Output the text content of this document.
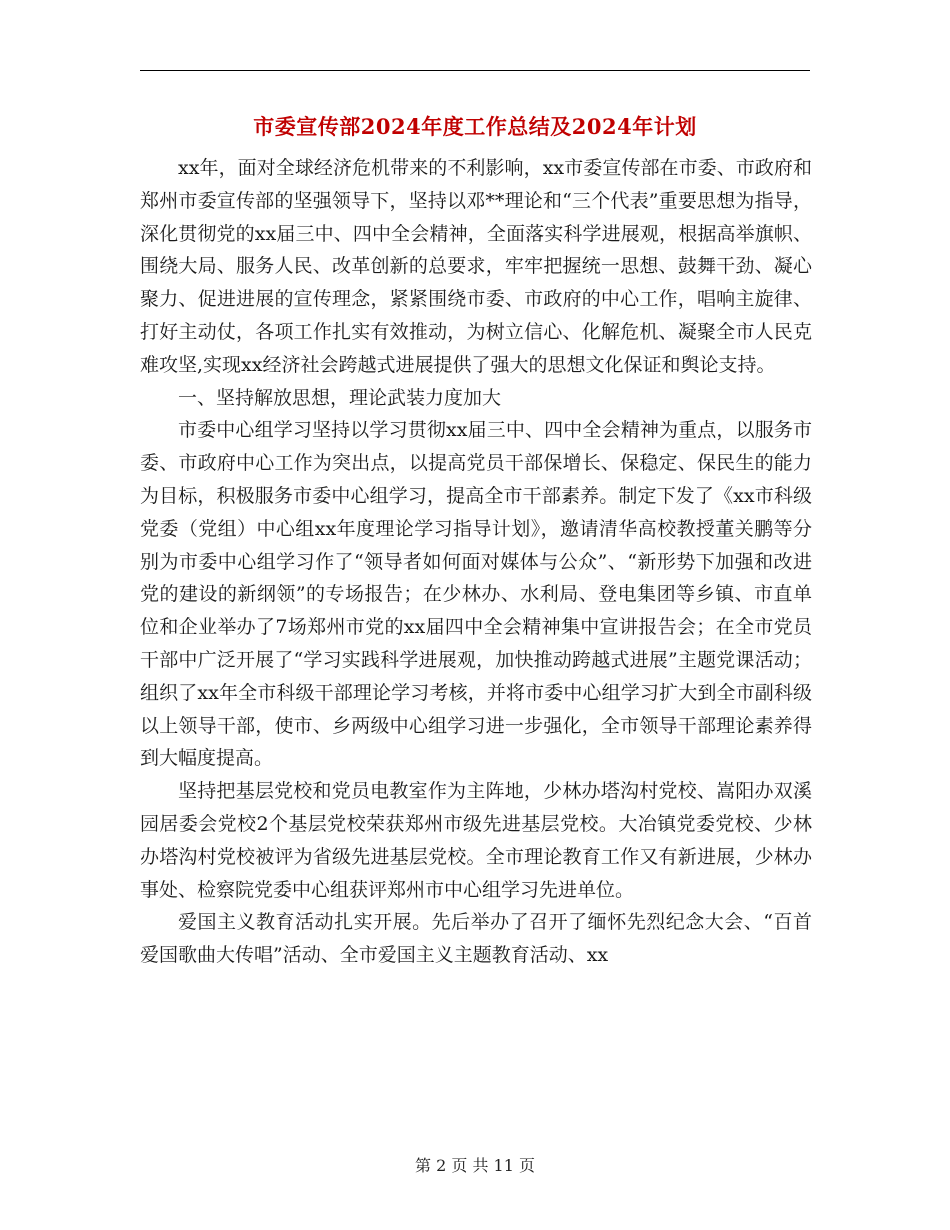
市委宣传部2024年度工作总结及2024年计划

xx年，面对全球经济危机带来的不利影响，xx市委宣传部在市委、市政府和郑州市委宣传部的坚强领导下，坚持以邓**理论和“三个代表”重要思想为指导，深化贯彻党的xx届三中、四中全会精神，全面落实科学进展观，根据高举旗帜、围绕大局、服务人民、改革创新的总要求，牢牢把握统一思想、鼓舞干劲、凝心聚力、促进进展的宣传理念，紧紧围绕市委、市政府的中心工作，唱响主旋律、打好主动仗，各项工作扎实有效推动，为树立信心、化解危机、凝聚全市人民克难攻坚,实现xx经济社会跨越式进展提供了强大的思想文化保证和舆论支持。

一、坚持解放思想，理论武装力度加大

市委中心组学习坚持以学习贯彻xx届三中、四中全会精神为重点，以服务市委、市政府中心工作为突出点，以提高党员干部保增长、保稳定、保民生的能力为目标，积极服务市委中心组学习，提高全市干部素养。制定下发了《xx市科级党委（党组）中心组xx年度理论学习指导计划》，邀请清华高校教授董关鹏等分别为市委中心组学习作了“领导者如何面对媒体与公众”、“新形势下加强和改进党的建设的新纲领”的专场报告；在少林办、水利局、登电集团等乡镇、市直单位和企业举办了7场郑州市党的xx届四中全会精神集中宣讲报告会；在全市党员干部中广泛开展了“学习实践科学进展观，加快推动跨越式进展”主题党课活动；组织了xx年全市科级干部理论学习考核，并将市委中心组学习扩大到全市副科级以上领导干部，使市、乡两级中心组学习进一步强化，全市领导干部理论素养得到大幅度提高。

坚持把基层党校和党员电教室作为主阵地，少林办塔沟村党校、嵩阳办双溪园居委会党校2个基层党校荣获郑州市级先进基层党校。大冶镇党委党校、少林办塔沟村党校被评为省级先进基层党校。全市理论教育工作又有新进展，少林办事处、检察院党委中心组获评郑州市中心组学习先进单位。

爱国主义教育活动扎实开展。先后举办了召开了缅怀先烈纪念大会、“百首爱国歌曲大传唱”活动、全市爱国主义主题教育活动、xx

第 2 页 共 11 页
